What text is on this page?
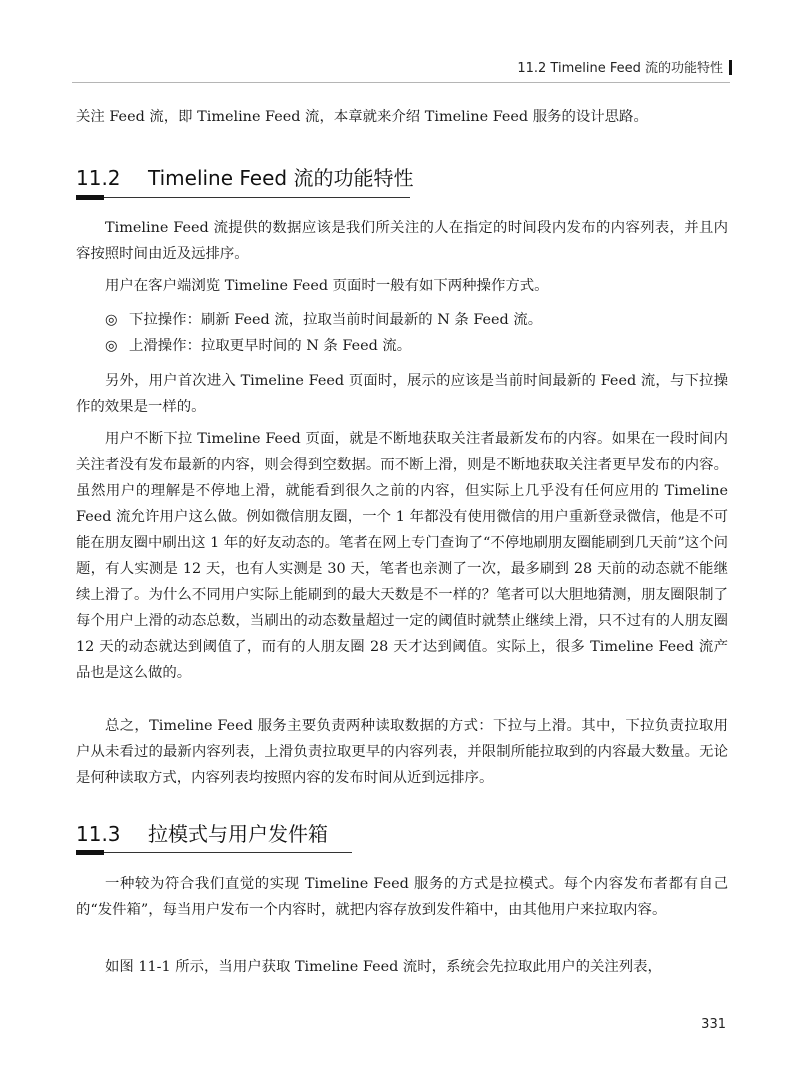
11.2 Timeline Feed 流的功能特性

关注 Feed 流，即 Timeline Feed 流，本章就来介绍 Timeline Feed 服务的设计思路。

11.2 Timeline Feed 流的功能特性

Timeline Feed 流提供的数据应该是我们所关注的人在指定的时间段内发布的内容列表，并且内容按照时间由近及远排序。

用户在客户端浏览 Timeline Feed 页面时一般有如下两种操作方式。

◎ 下拉操作：刷新 Feed 流，拉取当前时间最新的 N 条 Feed 流。
◎ 上滑操作：拉取更早时间的 N 条 Feed 流。

另外，用户首次进入 Timeline Feed 页面时，展示的应该是当前时间最新的 Feed 流，与下拉操作的效果是一样的。

用户不断下拉 Timeline Feed 页面，就是不断地获取关注者最新发布的内容。如果在一段时间内关注者没有发布最新的内容，则会得到空数据。而不断上滑，则是不断地获取关注者更早发布的内容。虽然用户的理解是不停地上滑，就能看到很久之前的内容，但实际上几乎没有任何应用的 Timeline Feed 流允许用户这么做。例如微信朋友圈，一个 1 年都没有使用微信的用户重新登录微信，他是不可能在朋友圈中刷出这 1 年的好友动态的。笔者在网上专门查询了“不停地刷朋友圈能刷到几天前”这个问题，有人实测是 12 天，也有人实测是 30 天，笔者也亲测了一次，最多刷到 28 天前的动态就不能继续上滑了。为什么不同用户实际上能刷到的最大天数是不一样的？笔者可以大胆地猜测，朋友圈限制了每个用户上滑的动态总数，当刷出的动态数量超过一定的阈值时就禁止继续上滑，只不过有的人朋友圈 12 天的动态就达到阈值了，而有的人朋友圈 28 天才达到阈值。实际上，很多 Timeline Feed 流产品也是这么做的。

总之，Timeline Feed 服务主要负责两种读取数据的方式：下拉与上滑。其中，下拉负责拉取用户从未看过的最新内容列表，上滑负责拉取更早的内容列表，并限制所能拉取到的内容最大数量。无论是何种读取方式，内容列表均按照内容的发布时间从近到远排序。

11.3 拉模式与用户发件箱

一种较为符合我们直觉的实现 Timeline Feed 服务的方式是拉模式。每个内容发布者都有自己的“发件箱”，每当用户发布一个内容时，就把内容存放到发件箱中，由其他用户来拉取内容。

如图 11-1 所示，当用户获取 Timeline Feed 流时，系统会先拉取此用户的关注列表，

331
